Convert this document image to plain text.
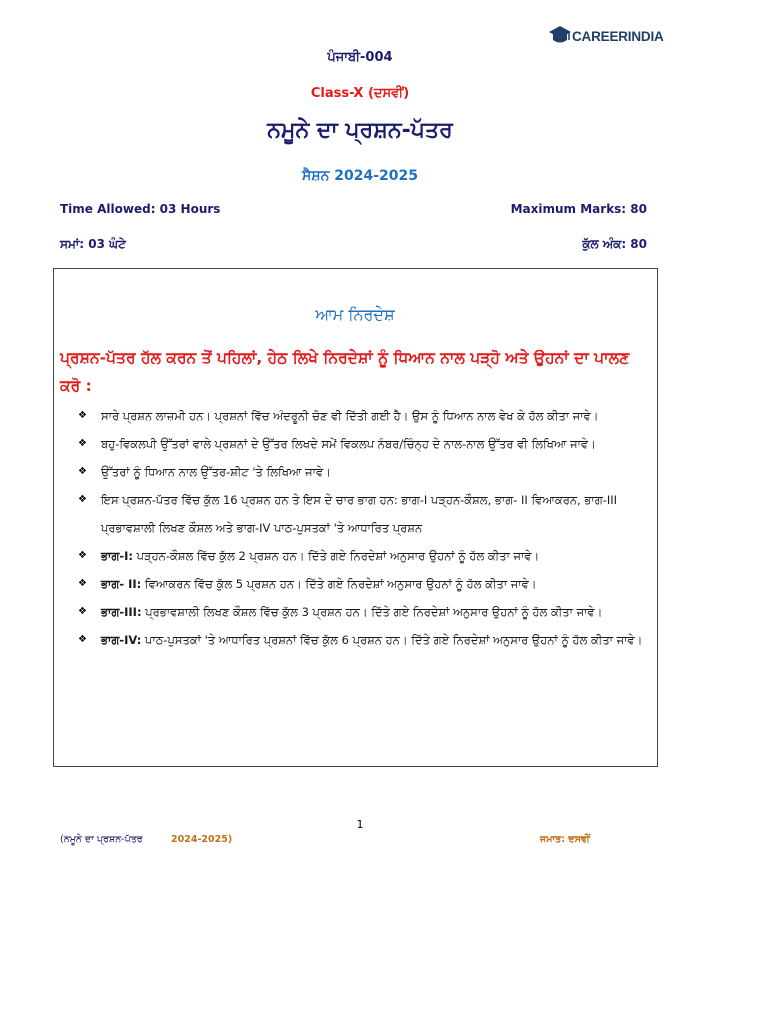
CAREERINDIA
ਪੰਜਾਬੀ-004
Class-X (ਦਸਵੀਂ)
ਨਮੂਨੇ ਦਾ ਪ੍ਰਸ਼ਨ-ਪੱਤਰ
ਸੈਸ਼ਨ 2024-2025
Time Allowed: 03 Hours	Maximum Marks: 80
ਸਮਾਂ: 03 ਘੰਟੇ	ਕੁੱਲ ਅੰਕ: 80
ਆਮ ਨਿਰਦੇਸ਼
ਪ੍ਰਸ਼ਨ-ਪੱਤਰ ਹੱਲ ਕਰਨ ਤੋਂ ਪਹਿਲਾਂ, ਹੇਠ ਲਿਖੇ ਨਿਰਦੇਸ਼ਾਂ ਨੂੰ ਧਿਆਨ ਨਾਲ ਪੜ੍ਹੋ ਅਤੇ ਉਹਨਾਂ ਦਾ ਪਾਲਣ ਕਰੋ :
❖ ਸਾਰੇ ਪ੍ਰਸ਼ਨ ਲਾਜ਼ਮੀ ਹਨ। ਪ੍ਰਸ਼ਨਾਂ ਵਿੱਚ ਅੰਦਰੂਨੀ ਚੋਣ ਵੀ ਦਿੱਤੀ ਗਈ ਹੈ। ਉਸ ਨੂੰ ਧਿਆਨ ਨਾਲ ਵੇਖ ਕੇ ਹੱਲ ਕੀਤਾ ਜਾਵੇ।
❖ ਬਹੁ-ਵਿਕਲਪੀ ਉੱਤਰਾਂ ਵਾਲੇ ਪ੍ਰਸ਼ਨਾਂ ਦੇ ਉੱਤਰ ਲਿਖਦੇ ਸਮੇਂ ਵਿਕਲਪ ਨੰਬਰ/ਚਿੰਨ੍ਹ ਦੇ ਨਾਲ-ਨਾਲ ਉੱਤਰ ਵੀ ਲਿਖਿਆ ਜਾਵੇ।
❖ ਉੱਤਰਾਂ ਨੂੰ ਧਿਆਨ ਨਾਲ ਉੱਤਰ-ਸ਼ੀਟ 'ਤੇ ਲਿਖਿਆ ਜਾਵੇ।
❖ ਇਸ ਪ੍ਰਸ਼ਨ-ਪੱਤਰ ਵਿੱਚ ਕੁੱਲ 16 ਪ੍ਰਸ਼ਨ ਹਨ ਤੇ ਇਸ ਦੇ ਚਾਰ ਭਾਗ ਹਨ: ਭਾਗ-I ਪੜ੍ਹਨ-ਕੌਸ਼ਲ, ਭਾਗ- II ਵਿਆਕਰਨ, ਭਾਗ-III ਪ੍ਰਭਾਵਸ਼ਾਲੀ ਲਿਖਣ ਕੌਸ਼ਲ ਅਤੇ ਭਾਗ-IV ਪਾਠ-ਪੁਸਤਕਾਂ 'ਤੇ ਆਧਾਰਿਤ ਪ੍ਰਸ਼ਨ
❖ ਭਾਗ-I: ਪੜ੍ਹਨ-ਕੌਸ਼ਲ ਵਿੱਚ ਕੁੱਲ 2 ਪ੍ਰਸ਼ਨ ਹਨ। ਦਿੱਤੇ ਗਏ ਨਿਰਦੇਸ਼ਾਂ ਅਨੁਸਾਰ ਉਹਨਾਂ ਨੂੰ ਹੱਲ ਕੀਤਾ ਜਾਵੇ।
❖ ਭਾਗ- II: ਵਿਆਕਰਨ ਵਿੱਚ ਕੁੱਲ 5 ਪ੍ਰਸ਼ਨ ਹਨ। ਦਿੱਤੇ ਗਏ ਨਿਰਦੇਸ਼ਾਂ ਅਨੁਸਾਰ ਉਹਨਾਂ ਨੂੰ ਹੱਲ ਕੀਤਾ ਜਾਵੇ।
❖ ਭਾਗ-III: ਪ੍ਰਭਾਵਸ਼ਾਲੀ ਲਿਖਣ ਕੌਸ਼ਲ ਵਿੱਚ ਕੁੱਲ 3 ਪ੍ਰਸ਼ਨ ਹਨ। ਦਿੱਤੇ ਗਏ ਨਿਰਦੇਸ਼ਾਂ ਅਨੁਸਾਰ ਉਹਨਾਂ ਨੂੰ ਹੱਲ ਕੀਤਾ ਜਾਵੇ।
❖ ਭਾਗ-IV: ਪਾਠ-ਪੁਸਤਕਾਂ 'ਤੇ ਆਧਾਰਿਤ ਪ੍ਰਸ਼ਨਾਂ ਵਿੱਚ ਕੁੱਲ 6 ਪ੍ਰਸ਼ਨ ਹਨ। ਦਿੱਤੇ ਗਏ ਨਿਰਦੇਸ਼ਾਂ ਅਨੁਸਾਰ ਉਹਨਾਂ ਨੂੰ ਹੱਲ ਕੀਤਾ ਜਾਵੇ।
1
(ਨਮੂਨੇ ਦਾ ਪ੍ਰਸ਼ਨ-ਪੱਤਰ	2024-2025)	ਜਮਾਤ: ਦਸਵੀਂ
